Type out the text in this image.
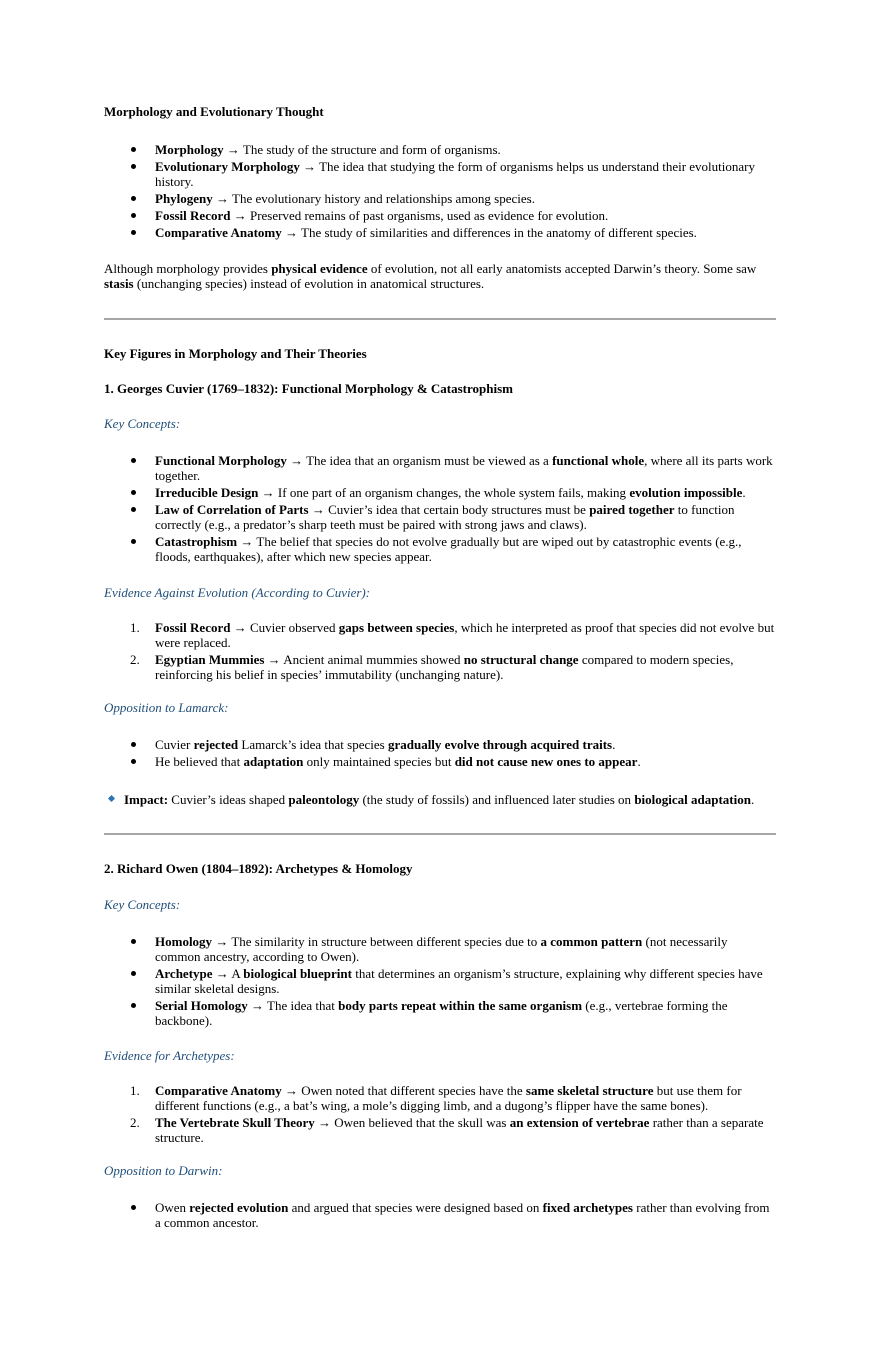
Morphology and Evolutionary Thought
Morphology → The study of the structure and form of organisms.
Evolutionary Morphology → The idea that studying the form of organisms helps us understand their evolutionary history.
Phylogeny → The evolutionary history and relationships among species.
Fossil Record → Preserved remains of past organisms, used as evidence for evolution.
Comparative Anatomy → The study of similarities and differences in the anatomy of different species.

Although morphology provides physical evidence of evolution, not all early anatomists accepted Darwin’s theory. Some saw stasis (unchanging species) instead of evolution in anatomical structures.

Key Figures in Morphology and Their Theories
1. Georges Cuvier (1769–1832): Functional Morphology & Catastrophism
Key Concepts:
Functional Morphology → The idea that an organism must be viewed as a functional whole, where all its parts work together.
Irreducible Design → If one part of an organism changes, the whole system fails, making evolution impossible.
Law of Correlation of Parts → Cuvier’s idea that certain body structures must be paired together to function correctly (e.g., a predator’s sharp teeth must be paired with strong jaws and claws).
Catastrophism → The belief that species do not evolve gradually but are wiped out by catastrophic events (e.g., floods, earthquakes), after which new species appear.
Evidence Against Evolution (According to Cuvier):
1. Fossil Record → Cuvier observed gaps between species, which he interpreted as proof that species did not evolve but were replaced.
2. Egyptian Mummies → Ancient animal mummies showed no structural change compared to modern species, reinforcing his belief in species’ immutability (unchanging nature).
Opposition to Lamarck:
Cuvier rejected Lamarck’s idea that species gradually evolve through acquired traits.
He believed that adaptation only maintained species but did not cause new ones to appear.

Impact: Cuvier’s ideas shaped paleontology (the study of fossils) and influenced later studies on biological adaptation.

2. Richard Owen (1804–1892): Archetypes & Homology
Key Concepts:
Homology → The similarity in structure between different species due to a common pattern (not necessarily common ancestry, according to Owen).
Archetype → A biological blueprint that determines an organism’s structure, explaining why different species have similar skeletal designs.
Serial Homology → The idea that body parts repeat within the same organism (e.g., vertebrae forming the backbone).
Evidence for Archetypes:
1. Comparative Anatomy → Owen noted that different species have the same skeletal structure but use them for different functions (e.g., a bat’s wing, a mole’s digging limb, and a dugong’s flipper have the same bones).
2. The Vertebrate Skull Theory → Owen believed that the skull was an extension of vertebrae rather than a separate structure.
Opposition to Darwin:
Owen rejected evolution and argued that species were designed based on fixed archetypes rather than evolving from a common ancestor.
